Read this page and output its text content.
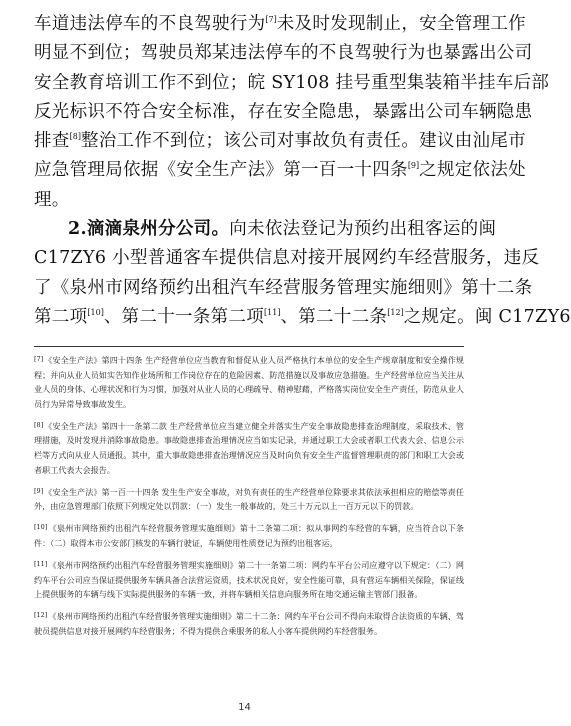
车道违法停车的不良驾驶行为[7]未及时发现制止，安全管理工作
明显不到位；驾驶员郑某违法停车的不良驾驶行为也暴露出公司
安全教育培训工作不到位；皖 SY108 挂号重型集装箱半挂车后部
反光标识不符合安全标准，存在安全隐患，暴露出公司车辆隐患
排查[8]整治工作不到位；该公司对事故负有责任。建议由汕尾市
应急管理局依据《安全生产法》第一百一十四条[9]之规定依法处
理。
2.滴滴泉州分公司。向未依法登记为预约出租客运的闽
C17ZY6 小型普通客车提供信息对接开展网约车经营服务，违反
了《泉州市网络预约出租汽车经营服务管理实施细则》第十二条
第二项[10]、第二十一条第二项[11]、第二十二条[12]之规定。闽 C17ZY6

[7]《安全生产法》第四十四条 生产经营单位应当教育和督促从业人员严格执行本单位的安全生产规章制度和安全操作规程；并向从业人员如实告知作业场所和工作岗位存在的危险因素、防范措施以及事故应急措施。生产经营单位应当关注从业人员的身体、心理状况和行为习惯，加强对从业人员的心理疏导、精神慰藉，严格落实岗位安全生产责任，防范从业人员行为异常导致事故发生。

[8]《安全生产法》第四十一条第二款 生产经营单位应当建立健全并落实生产安全事故隐患排查治理制度，采取技术、管理措施，及时发现并消除事故隐患。事故隐患排查治理情况应当如实记录，并通过职工大会或者职工代表大会、信息公示栏等方式向从业人员通报。其中，重大事故隐患排查治理情况应当及时向负有安全生产监督管理职责的部门和职工大会或者职工代表大会报告。

[9]《安全生产法》第一百一十四条 发生生产安全事故，对负有责任的生产经营单位除要求其依法承担相应的赔偿等责任外，由应急管理部门依照下列规定处以罚款：（一）发生一般事故的，处三十万元以上一百万元以下的罚款。

[10]《泉州市网络预约出租汽车经营服务管理实施细则》第十二条第二项：拟从事网约车经营的车辆，应当符合以下条件：（二）取得本市公安部门核发的车辆行驶证，车辆使用性质登记为预约出租客运。

[11]《泉州市网络预约出租汽车经营服务管理实施细则》第二十一条第二项：网约车平台公司应遵守以下规定：（二）网约车平台公司应当保证提供服务车辆具备合法营运资质，技术状况良好，安全性能可靠，具有营运车辆相关保险，保证线上提供服务的车辆与线下实际提供服务的车辆一致，并将车辆相关信息向服务所在地交通运输主管部门报备。

[12]《泉州市网络预约出租汽车经营服务管理实施细则》第二十二条：网约车平台公司不得向未取得合法资质的车辆、驾驶员提供信息对接开展网约车经营服务；不得为提供合乘服务的私人小客车提供网约车经营服务。

14
